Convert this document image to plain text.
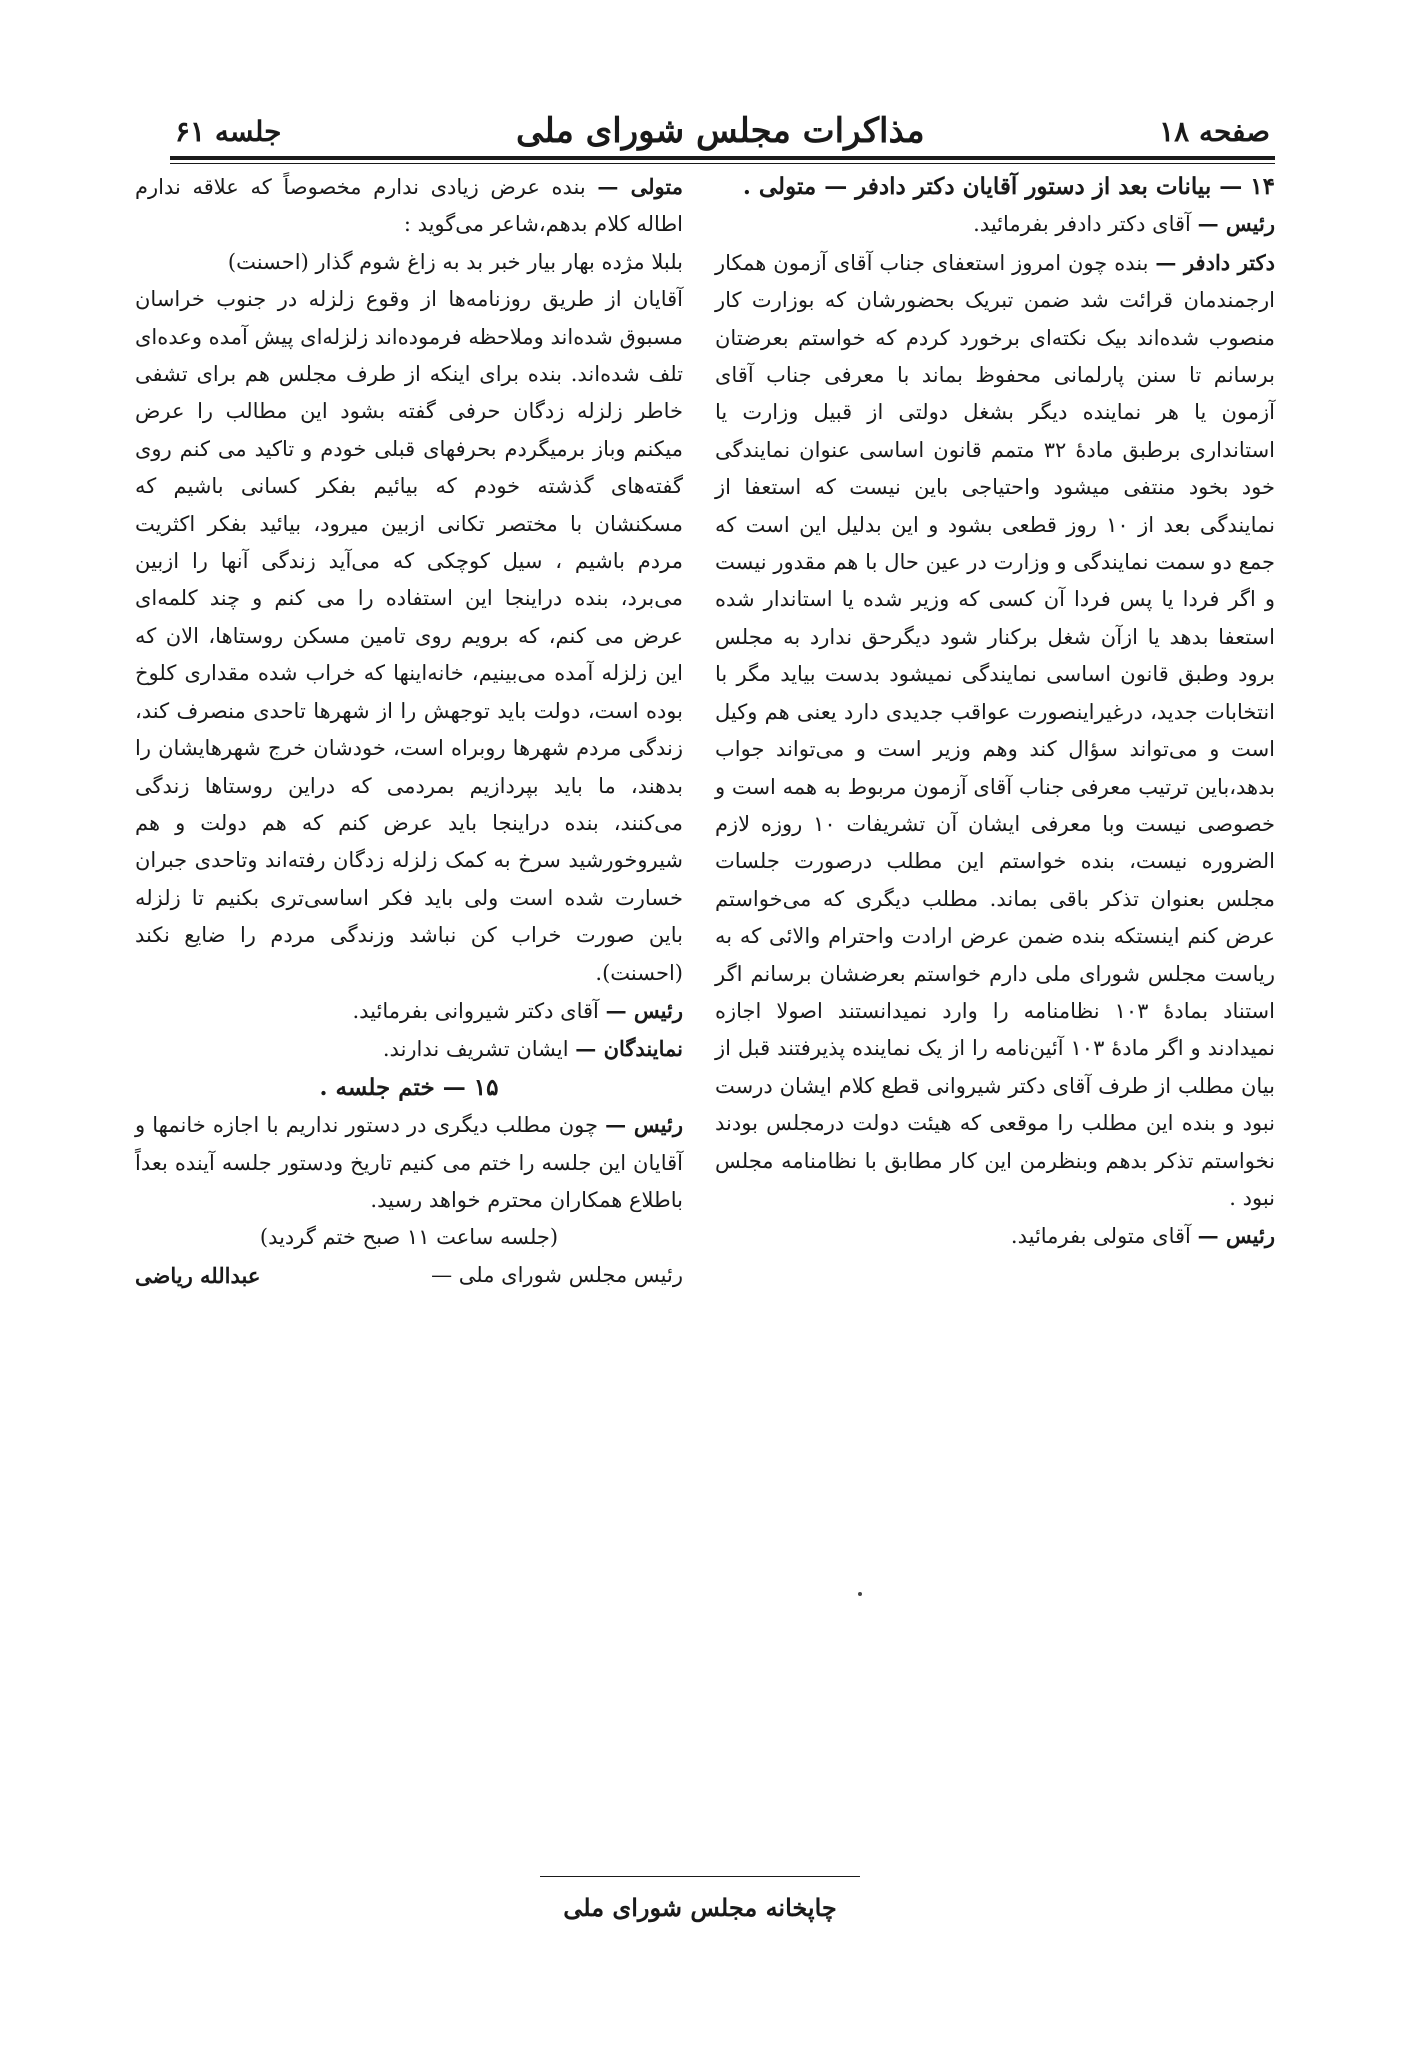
صفحه ۱۸
مذاکرات مجلس شورای ملی
جلسه ۶۱

۱۴ — بیانات بعد از دستور آقایان دکتر دادفر — متولی .

رئیس — آقای دکتر دادفر بفرمائید.

دکتر دادفر — بنده چون امروز استعفای جناب آقای آزمون همکار ارجمندمان قرائت شد ضمن تبریک بحضورشان که بوزارت کار منصوب شده‌اند بیک نکته‌ای برخورد کردم که خواستم بعرضتان برسانم تا سنن پارلمانی محفوظ بماند با معرفی جناب آقای آزمون یا هر نماینده دیگر بشغل دولتی از قبیل وزارت یا استانداری برطبق مادهٔ ۳۲ متمم قانون اساسی عنوان نمایندگی خود بخود منتفی میشود واحتیاجی باین نیست که استعفا از نمایندگی بعد از ۱۰ روز قطعی بشود و این بدلیل این است که جمع دو سمت نمایندگی و وزارت در عین حال با هم مقدور نیست و اگر فردا یا پس فردا آن کسی که وزیر شده یا استاندار شده استعفا بدهد یا ازآن شغل برکنار شود دیگرحق ندارد به مجلس برود وطبق قانون اساسی نمایندگی نمیشود بدست بیاید مگر با انتخابات جدید، درغیراینصورت عواقب جدیدی دارد یعنی هم وکیل است و می‌تواند سؤال کند وهم وزیر است و می‌تواند جواب بدهد،باین ترتیب معرفی جناب آقای آزمون مربوط به همه است و خصوصی نیست وبا معرفی ایشان آن تشریفات ۱۰ روزه لازم الضروره نیست، بنده خواستم این مطلب درصورت جلسات مجلس بعنوان تذکر باقی بماند. مطلب دیگری که می‌خواستم عرض کنم اینستکه بنده ضمن عرض ارادت واحترام والائی که به ریاست مجلس شورای ملی دارم خواستم بعرضشان برسانم اگر استناد بمادهٔ ۱۰۳ نظامنامه را وارد نمیدانستند اصولا اجازه نمیدادند و اگر مادهٔ ۱۰۳ آئین‌نامه را از یک نماینده پذیرفتند قبل از بیان مطلب از طرف آقای دکتر شیروانی قطع کلام ایشان درست نبود و بنده این مطلب را موقعی که هیئت دولت درمجلس بودند نخواستم تذکر بدهم وبنظرمن این کار مطابق با نظامنامه مجلس نبود .

رئیس — آقای متولی بفرمائید.

متولی — بنده عرض زیادی ندارم مخصوصاً که علاقه ندارم اطاله کلام بدهم،شاعر می‌گوید :

بلبلا مژده بهار بیار خبر بد به زاغ شوم گذار (احسنت)

آقایان از طریق روزنامه‌ها از وقوع زلزله در جنوب خراسان مسبوق شده‌اند وملاحظه فرموده‌اند زلزله‌ای پیش آمده وعده‌ای تلف شده‌اند. بنده برای اینکه از طرف مجلس هم برای تشفی خاطر زلزله زدگان حرفی گفته بشود این مطالب را عرض میکنم وباز برمیگردم بحرفهای قبلی خودم و تاکید می کنم روی گفته‌های گذشته خودم که بیائیم بفکر کسانی باشیم که مسکنشان با مختصر تکانی ازبین میرود، بیائید بفکر اکثریت مردم باشیم ، سیل کوچکی که می‌آید زندگی آنها را ازبین می‌برد، بنده دراینجا این استفاده را می کنم و چند کلمه‌ای عرض می کنم، که برویم روی تامین مسکن روستاها، الان که این زلزله آمده می‌بینیم، خانه‌اینها که خراب شده مقداری کلوخ بوده است، دولت باید توجهش را از شهرها تاحدی منصرف کند، زندگی مردم شهرها روبراه است، خودشان خرج شهرهایشان را بدهند، ما باید بپردازیم بمردمی که دراین روستاها زندگی می‌کنند، بنده دراینجا باید عرض کنم که هم دولت و هم شیروخورشید سرخ به کمک زلزله زدگان رفته‌اند وتاحدی جبران خسارت شده است ولی باید فکر اساسی‌تری بکنیم تا زلزله باین صورت خراب کن نباشد وزندگی مردم را ضایع نکند (احسنت).

رئیس — آقای دکتر شیروانی بفرمائید.

نمایندگان — ایشان تشریف ندارند.

۱۵ — ختم جلسه .

رئیس — چون مطلب دیگری در دستور نداریم با اجازه خانمها و آقایان این جلسه را ختم می کنیم تاریخ ودستور جلسه آینده بعداً باطلاع همکاران محترم خواهد رسید.

(جلسه ساعت ۱۱ صبح ختم گردید)

رئیس مجلس شورای ملی —
عبدالله ریاضی

چاپخانه مجلس شورای ملی
